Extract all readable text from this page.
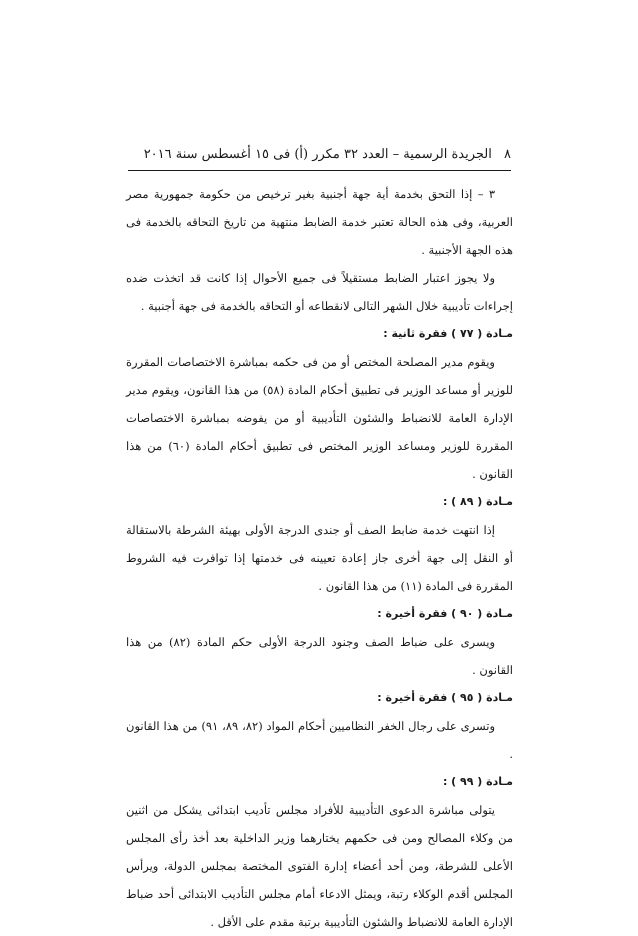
٨ الجريدة الرسمية – العدد ٣٢ مكرر (أ) فى ١٥ أغسطس سنة ٢٠١٦

٣ – إذا التحق بخدمة أية جهة أجنبية بغير ترخيص من حكومة جمهورية مصر العربية، وفى هذه الحالة تعتبر خدمة الضابط منتهية من تاريخ التحاقه بالخدمة فى هذه الجهة الأجنبية .

ولا يجوز اعتبار الضابط مستقيلاً فى جميع الأحوال إذا كانت قد اتخذت ضده إجراءات تأديبية خلال الشهر التالى لانقطاعه أو التحاقه بالخدمة فى جهة أجنبية .

مـادة ( ٧٧ ) فقرة ثانية :

ويقوم مدير المصلحة المختص أو من فى حكمه بمباشرة الاختصاصات المقررة للوزير أو مساعد الوزير فى تطبيق أحكام المادة (٥٨) من هذا القانون، ويقوم مدير الإدارة العامة للانضباط والشئون التأديبية أو من يفوضه بمباشرة الاختصاصات المقررة للوزير ومساعد الوزير المختص فى تطبيق أحكام المادة (٦٠) من هذا القانون .

مـادة ( ٨٩ ) :

إذا انتهت خدمة ضابط الصف أو جندى الدرجة الأولى بهيئة الشرطة بالاستقالة أو النقل إلى جهة أخرى جاز إعادة تعيينه فى خدمتها إذا توافرت فيه الشروط المقررة فى المادة (١١) من هذا القانون .

مـادة ( ٩٠ ) فقرة أخيرة :

ويسرى على ضباط الصف وجنود الدرجة الأولى حكم المادة (٨٢) من هذا القانون .

مـادة ( ٩٥ ) فقرة أخيرة :

وتسرى على رجال الخفر النظاميين أحكام المواد (٨٢، ٨٩، ٩١) من هذا القانون .

مـادة ( ٩٩ ) :

يتولى مباشرة الدعوى التأديبية للأفراد مجلس تأديب ابتدائى يشكل من اثنين من وكلاء المصالح ومن فى حكمهم يختارهما وزير الداخلية بعد أخذ رأى المجلس الأعلى للشرطة، ومن أحد أعضاء إدارة الفتوى المختصة بمجلس الدولة، ويرأس المجلس أقدم الوكلاء رتبة، ويمثل الادعاء أمام مجلس التأديب الابتدائى أحد ضباط الإدارة العامة للانضباط والشئون التأديبية برتبة مقدم على الأقل .
